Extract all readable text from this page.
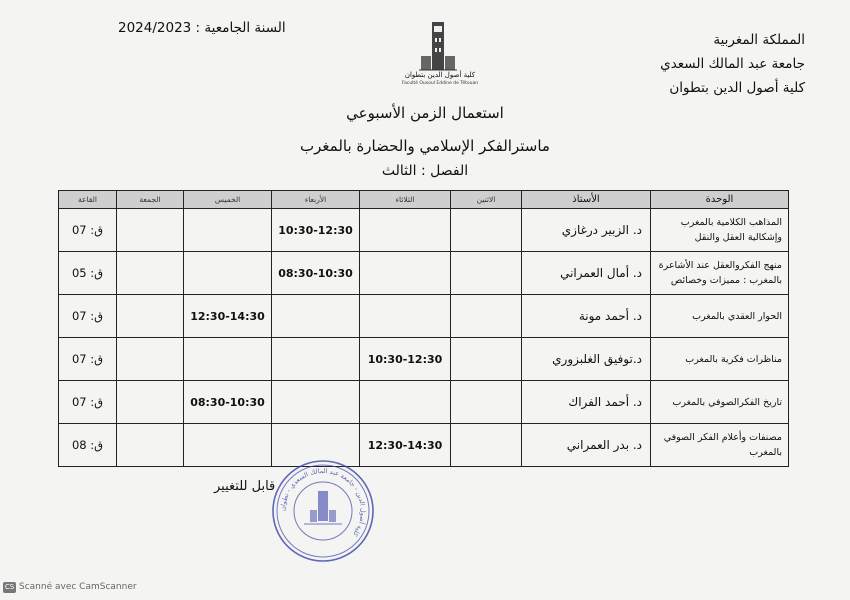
المملكة المغربية
جامعة عبد المالك السعدي
كلية أصول الدين بتطوان
السنة الجامعية : 2024/2023
كلية أصول الدين بتطوان
Faculté Ousoul Eddine de Tétouan
استعمال الزمن الأسبوعي
ماسترالفكر الإسلامي والحضارة بالمغرب
الفصل : الثالث
الوحدة	الأستاذ	الاثنين	الثلاثاء	الأربعاء	الخميس	الجمعة	القاعة
المذاهب الكلامية بالمغرب وإشكالية العقل والنقل	د. الزبير درغازي			10:30-12:30			ق: 07
منهج الفكروالعقل عند الأشاعرة بالمغرب : مميزات وخصائص	د. أمال العمراني			08:30-10:30			ق: 05
الحوار العقدي بالمغرب	د. أحمد مونة				12:30-14:30		ق: 07
مناظرات فكرية بالمغرب	د.توفيق الغلبزوري		10:30-12:30				ق: 07
تاريخ الفكرالصوفي بالمغرب	د. أحمد الفراك				08:30-10:30		ق: 07
مصنفات وأعلام الفكر الصوفي بالمغرب	د. بدر العمراني		12:30-14:30				ق: 08
قابل للتغيير
كلية أصول الدين - جامعة عبد المالك السعدي - تطوان
CS Scanné avec CamScanner
